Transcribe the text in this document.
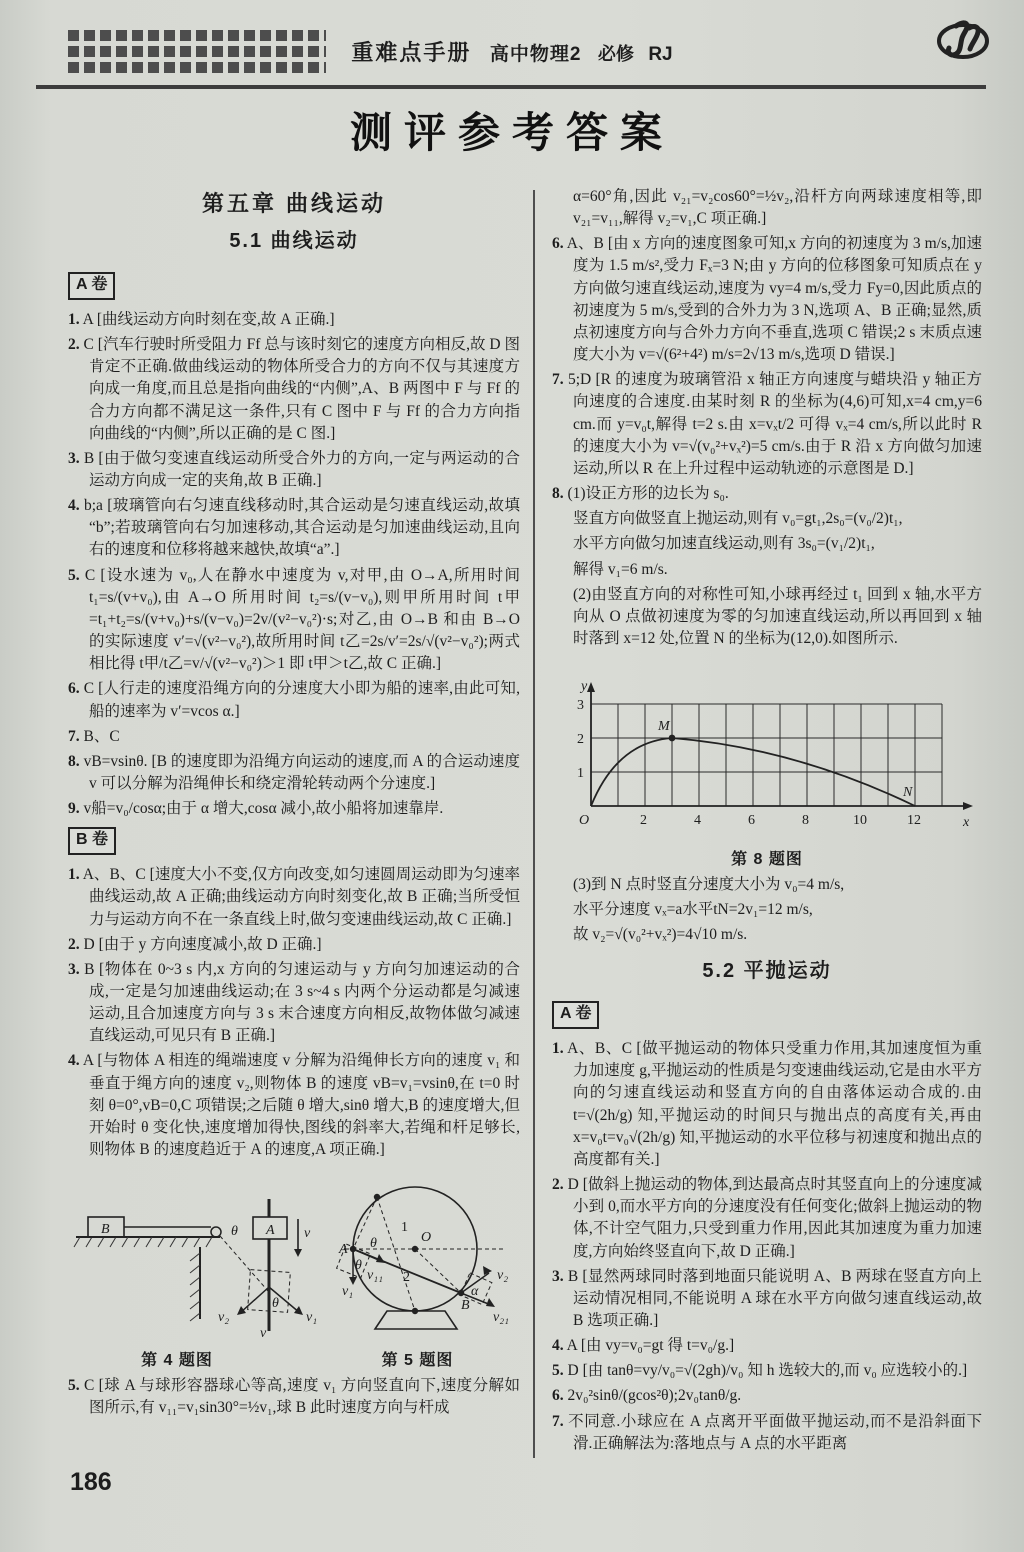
重难点手册 高中物理2 必修 RJ
测评参考答案
第五章 曲线运动
5.1 曲线运动
A 卷
1. A [曲线运动方向时刻在变,故 A 正确.]
2. C [汽车行驶时所受阻力 Ff 总与该时刻它的速度方向相反,故 D 图肯定不正确.做曲线运动的物体所受合力的方向不仅与其速度方向成一角度,而且总是指向曲线的“内侧”,A、B 两图中 F 与 Ff 的合力方向都不满足这一条件,只有 C 图中 F 与 Ff 的合力方向指向曲线的“内侧”,所以正确的是 C 图.]
3. B [由于做匀变速直线运动所受合外力的方向,一定与两运动的合运动方向成一定的夹角,故 B 正确.]
4. b;a [玻璃管向右匀速直线移动时,其合运动是匀速直线运动,故填“b”;若玻璃管向右匀加速移动,其合运动是匀加速曲线运动,且向右的速度和位移将越来越快,故填“a”.]
5. C [设水速为 v₀,人在静水中速度为 v,对甲,由 O→A,所用时间 t₁=s/(v+v₀),由 A→O 所用时间 t₂=s/(v−v₀),则甲所用时间 t甲=t₁+t₂=s/(v+v₀)+s/(v−v₀)=2v/(v²−v₀²)·s;对乙,由 O→B 和由 B→O 的实际速度 v′=√(v²−v₀²),故所用时间 t乙=2s/v′=2s/√(v²−v₀²);两式相比得 t甲/t乙=v/√(v²−v₀²)＞1 即 t甲＞t乙,故 C 正确.]
6. C [人行走的速度沿绳方向的分速度大小即为船的速率,由此可知,船的速率为 v′=vcos α.]
7. B、C
8. vB=vsinθ. [B 的速度即为沿绳方向运动的速度,而 A 的合运动速度 v 可以分解为沿绳伸长和绕定滑轮转动两个分速度.]
9. v船=v₀/cosα;由于 α 增大,cosα 减小,故小船将加速靠岸.
B 卷
1. A、B、C [速度大小不变,仅方向改变,如匀速圆周运动即为匀速率曲线运动,故 A 正确;曲线运动方向时刻变化,故 B 正确;当所受恒力与运动方向不在一条直线上时,做匀变速曲线运动,故 C 正确.]
2. D [由于 y 方向速度减小,故 D 正确.]
3. B [物体在 0~3 s 内,x 方向的匀速运动与 y 方向匀加速运动的合成,一定是匀加速曲线运动;在 3 s~4 s 内两个分运动都是匀减速运动,且合加速度方向与 3 s 末合速度方向相反,故物体做匀减速直线运动,可见只有 B 正确.]
4. A [与物体 A 相连的绳端速度 v 分解为沿绳伸长方向的速度 v₁ 和垂直于绳方向的速度 v₂,则物体 B 的速度 vB=v₁=vsinθ,在 t=0 时刻 θ=0°,vB=0,C 项错误;之后随 θ 增大,sinθ 增大,B 的速度增大,但开始时 θ 变化快,速度增加得快,图线的斜率大,若绳和杆足够长,则物体 B 的速度趋近于 A 的速度,A 项正确.]
B	θ A v
θ
v₁
v₂
v
第 4 题图
O
A
B
1
2
θ
θ
v₁
v₁₁
α
v₂
v₂₁
第 5 题图
5. C [球 A 与球形容器球心等高,速度 v₁ 方向竖直向下,速度分解如图所示,有 v₁₁=v₁sin30°=½v₁,球 B 此时速度方向与杆成
α=60°角,因此 v₂₁=v₂cos60°=½v₂,沿杆方向两球速度相等,即 v₂₁=v₁₁,解得 v₂=v₁,C 项正确.]
6. A、B [由 x 方向的速度图象可知,x 方向的初速度为 3 m/s,加速度为 1.5 m/s²,受力 Fₓ=3 N;由 y 方向的位移图象可知质点在 y 方向做匀速直线运动,速度为 vy=4 m/s,受力 Fy=0,因此质点的初速度为 5 m/s,受到的合外力为 3 N,选项 A、B 正确;显然,质点初速度方向与合外力方向不垂直,选项 C 错误;2 s 末质点速度大小为 v=√(6²+4²) m/s=2√13 m/s,选项 D 错误.]
7. 5;D [R 的速度为玻璃管沿 x 轴正方向速度与蜡块沿 y 轴正方向速度的合速度.由某时刻 R 的坐标为(4,6)可知,x=4 cm,y=6 cm.而 y=v₀t,解得 t=2 s.由 x=vₓt/2 可得 vₓ=4 cm/s,所以此时 R 的速度大小为 v=√(v₀²+vₓ²)=5 cm/s.由于 R 沿 x 方向做匀加速运动,所以 R 在上升过程中运动轨迹的示意图是 D.]
8. (1)设正方形的边长为 s₀.
竖直方向做竖直上抛运动,则有 v₀=gt₁,2s₀=(v₀/2)t₁,
水平方向做匀加速直线运动,则有 3s₀=(v₁/2)t₁,
解得 v₁=6 m/s.
(2)由竖直方向的对称性可知,小球再经过 t₁ 回到 x 轴,水平方向从 O 点做初速度为零的匀加速直线运动,所以再回到 x 轴时落到 x=12 处,位置 N 的坐标为(12,0).如图所示.
M
N
O	x
y
2	4	6	8	10	12
1
2
3
第 8 题图
(3)到 N 点时竖直分速度大小为 v₀=4 m/s,
水平分速度 vₓ=a水平tN=2v₁=12 m/s,
故 v₂=√(v₀²+vₓ²)=4√10 m/s.
5.2 平抛运动
A 卷
1. A、B、C [做平抛运动的物体只受重力作用,其加速度恒为重力加速度 g,平抛运动的性质是匀变速曲线运动,它是由水平方向的匀速直线运动和竖直方向的自由落体运动合成的.由 t=√(2h/g) 知,平抛运动的时间只与抛出点的高度有关,再由 x=v₀t=v₀√(2h/g) 知,平抛运动的水平位移与初速度和抛出点的高度都有关.]
2. D [做斜上抛运动的物体,到达最高点时其竖直向上的分速度减小到 0,而水平方向的分速度没有任何变化;做斜上抛运动的物体,不计空气阻力,只受到重力作用,因此其加速度为重力加速度,方向始终竖直向下,故 D 正确.]
3. B [显然两球同时落到地面只能说明 A、B 两球在竖直方向上运动情况相同,不能说明 A 球在水平方向做匀速直线运动,故 B 选项正确.]
4. A [由 vy=v₀=gt 得 t=v₀/g.]
5. D [由 tanθ=vy/v₀=√(2gh)/v₀ 知 h 选较大的,而 v₀ 应选较小的.]
6. 2v₀²sinθ/(gcos²θ);2v₀tanθ/g.
7. 不同意.小球应在 A 点离开平面做平抛运动,而不是沿斜面下滑.正确解法为:落地点与 A 点的水平距离
186
